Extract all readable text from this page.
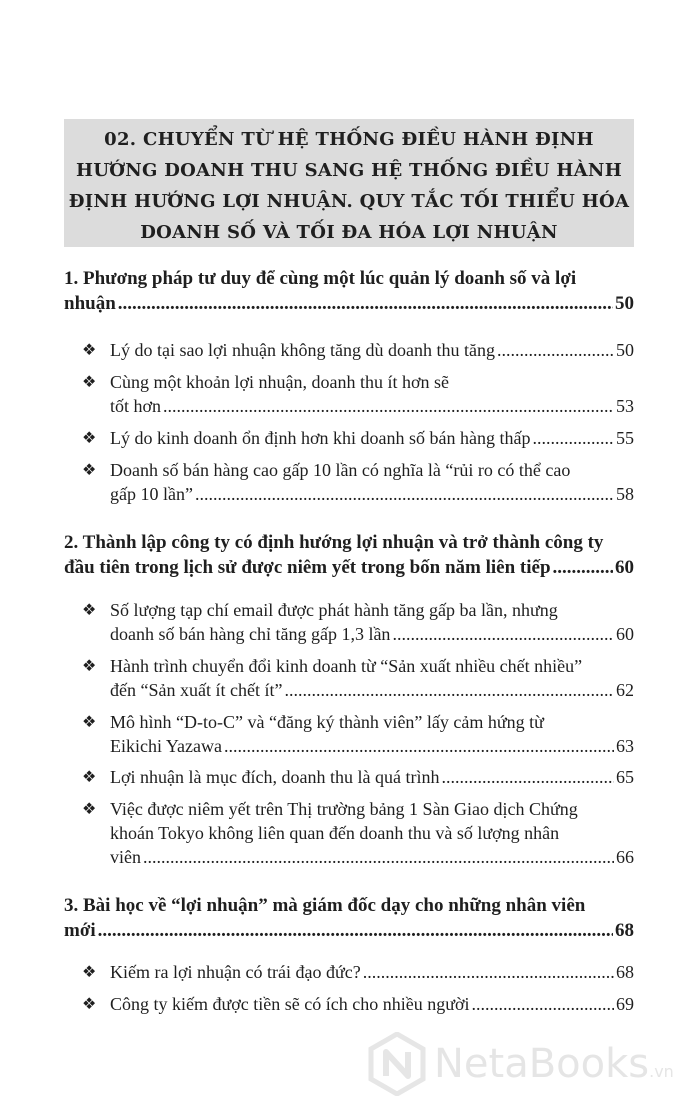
02. CHUYỂN TỪ HỆ THỐNG ĐIỀU HÀNH ĐỊNH
HƯỚNG DOANH THU SANG HỆ THỐNG ĐIỀU HÀNH
ĐỊNH HƯỚNG LỢI NHUẬN. QUY TẮC TỐI THIỂU HÓA
DOANH SỐ VÀ TỐI ĐA HÓA LỢI NHUẬN
1. Phương pháp tư duy để cùng một lúc quản lý doanh số và lợi
nhuận .....	50
❖ Lý do tại sao lợi nhuận không tăng dù doanh thu tăng .....	50
❖ Cùng một khoản lợi nhuận, doanh thu ít hơn sẽ
tốt hơn .....	53
❖ Lý do kinh doanh ổn định hơn khi doanh số bán hàng thấp .....	55
❖ Doanh số bán hàng cao gấp 10 lần có nghĩa là “rủi ro có thể cao
gấp 10 lần” .....	58
2. Thành lập công ty có định hướng lợi nhuận và trở thành công ty
đầu tiên trong lịch sử được niêm yết trong bốn năm liên tiếp .....	60
❖ Số lượng tạp chí email được phát hành tăng gấp ba lần, nhưng
doanh số bán hàng chỉ tăng gấp 1,3 lần .....	60
❖ Hành trình chuyển đổi kinh doanh từ “Sản xuất nhiều chết nhiều”
đến “Sản xuất ít chết ít” .....	62
❖ Mô hình “D-to-C” và “đăng ký thành viên” lấy cảm hứng từ
Eikichi Yazawa .....	63
❖ Lợi nhuận là mục đích, doanh thu là quá trình .....	65
❖ Việc được niêm yết trên Thị trường bảng 1 Sàn Giao dịch Chứng
khoán Tokyo không liên quan đến doanh thu và số lượng nhân
viên .....	66
3. Bài học về “lợi nhuận” mà giám đốc dạy cho những nhân viên
mới .....	68
❖ Kiếm ra lợi nhuận có trái đạo đức? .....	68
❖ Công ty kiếm được tiền sẽ có ích cho nhiều người .....	69
NetaBooks.vn
